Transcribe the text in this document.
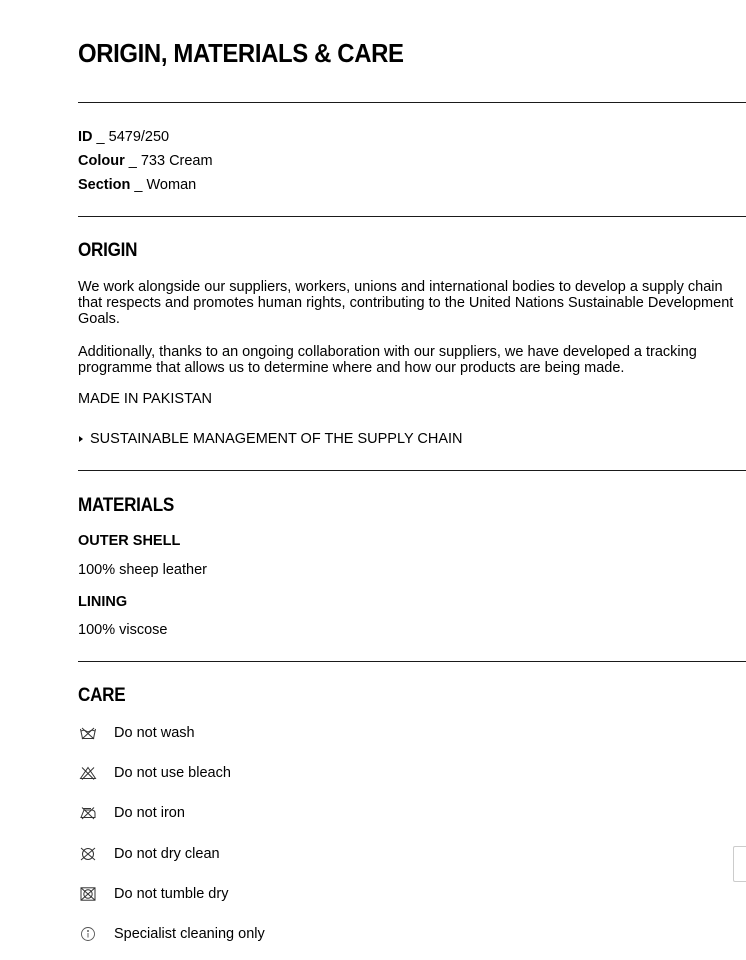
ORIGIN, MATERIALS & CARE
ID _ 5479/250
Colour _ 733 Cream
Section _ Woman
ORIGIN

We work alongside our suppliers, workers, unions and international bodies to develop a supply chain that respects and promotes human rights, contributing to the United Nations Sustainable Development Goals.

Additionally, thanks to an ongoing collaboration with our suppliers, we have developed a tracking programme that allows us to determine where and how our products are being made.

MADE IN PAKISTAN
SUSTAINABLE MANAGEMENT OF THE SUPPLY CHAIN
MATERIALS
OUTER SHELL
100% sheep leather
LINING
100% viscose
CARE
Do not wash
Do not use bleach
Do not iron
Do not dry clean
Do not tumble dry
Specialist cleaning only
